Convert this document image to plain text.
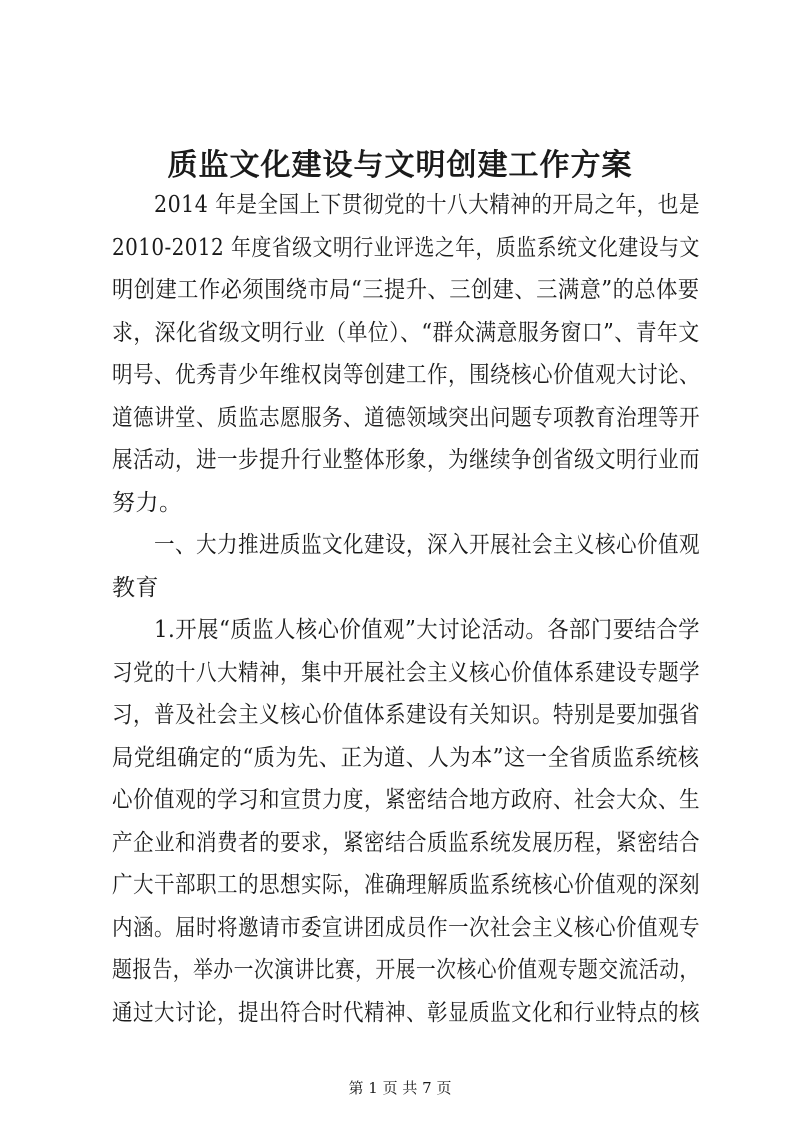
质监文化建设与文明创建工作方案
2014 年是全国上下贯彻党的十八大精神的开局之年，也是
2010-2012 年度省级文明行业评选之年，质监系统文化建设与文
明创建工作必须围绕市局“三提升、三创建、三满意”的总体要
求，深化省级文明行业（单位）、“群众满意服务窗口”、青年文
明号、优秀青少年维权岗等创建工作，围绕核心价值观大讨论、
道德讲堂、质监志愿服务、道德领域突出问题专项教育治理等开
展活动，进一步提升行业整体形象，为继续争创省级文明行业而
努力。
一、大力推进质监文化建设，深入开展社会主义核心价值观
教育
1.开展“质监人核心价值观”大讨论活动。各部门要结合学
习党的十八大精神，集中开展社会主义核心价值体系建设专题学
习，普及社会主义核心价值体系建设有关知识。特别是要加强省
局党组确定的“质为先、正为道、人为本”这一全省质监系统核
心价值观的学习和宣贯力度，紧密结合地方政府、社会大众、生
产企业和消费者的要求，紧密结合质监系统发展历程，紧密结合
广大干部职工的思想实际，准确理解质监系统核心价值观的深刻
内涵。届时将邀请市委宣讲团成员作一次社会主义核心价值观专
题报告，举办一次演讲比赛，开展一次核心价值观专题交流活动，
通过大讨论，提出符合时代精神、彰显质监文化和行业特点的核
第 1 页 共 7 页
